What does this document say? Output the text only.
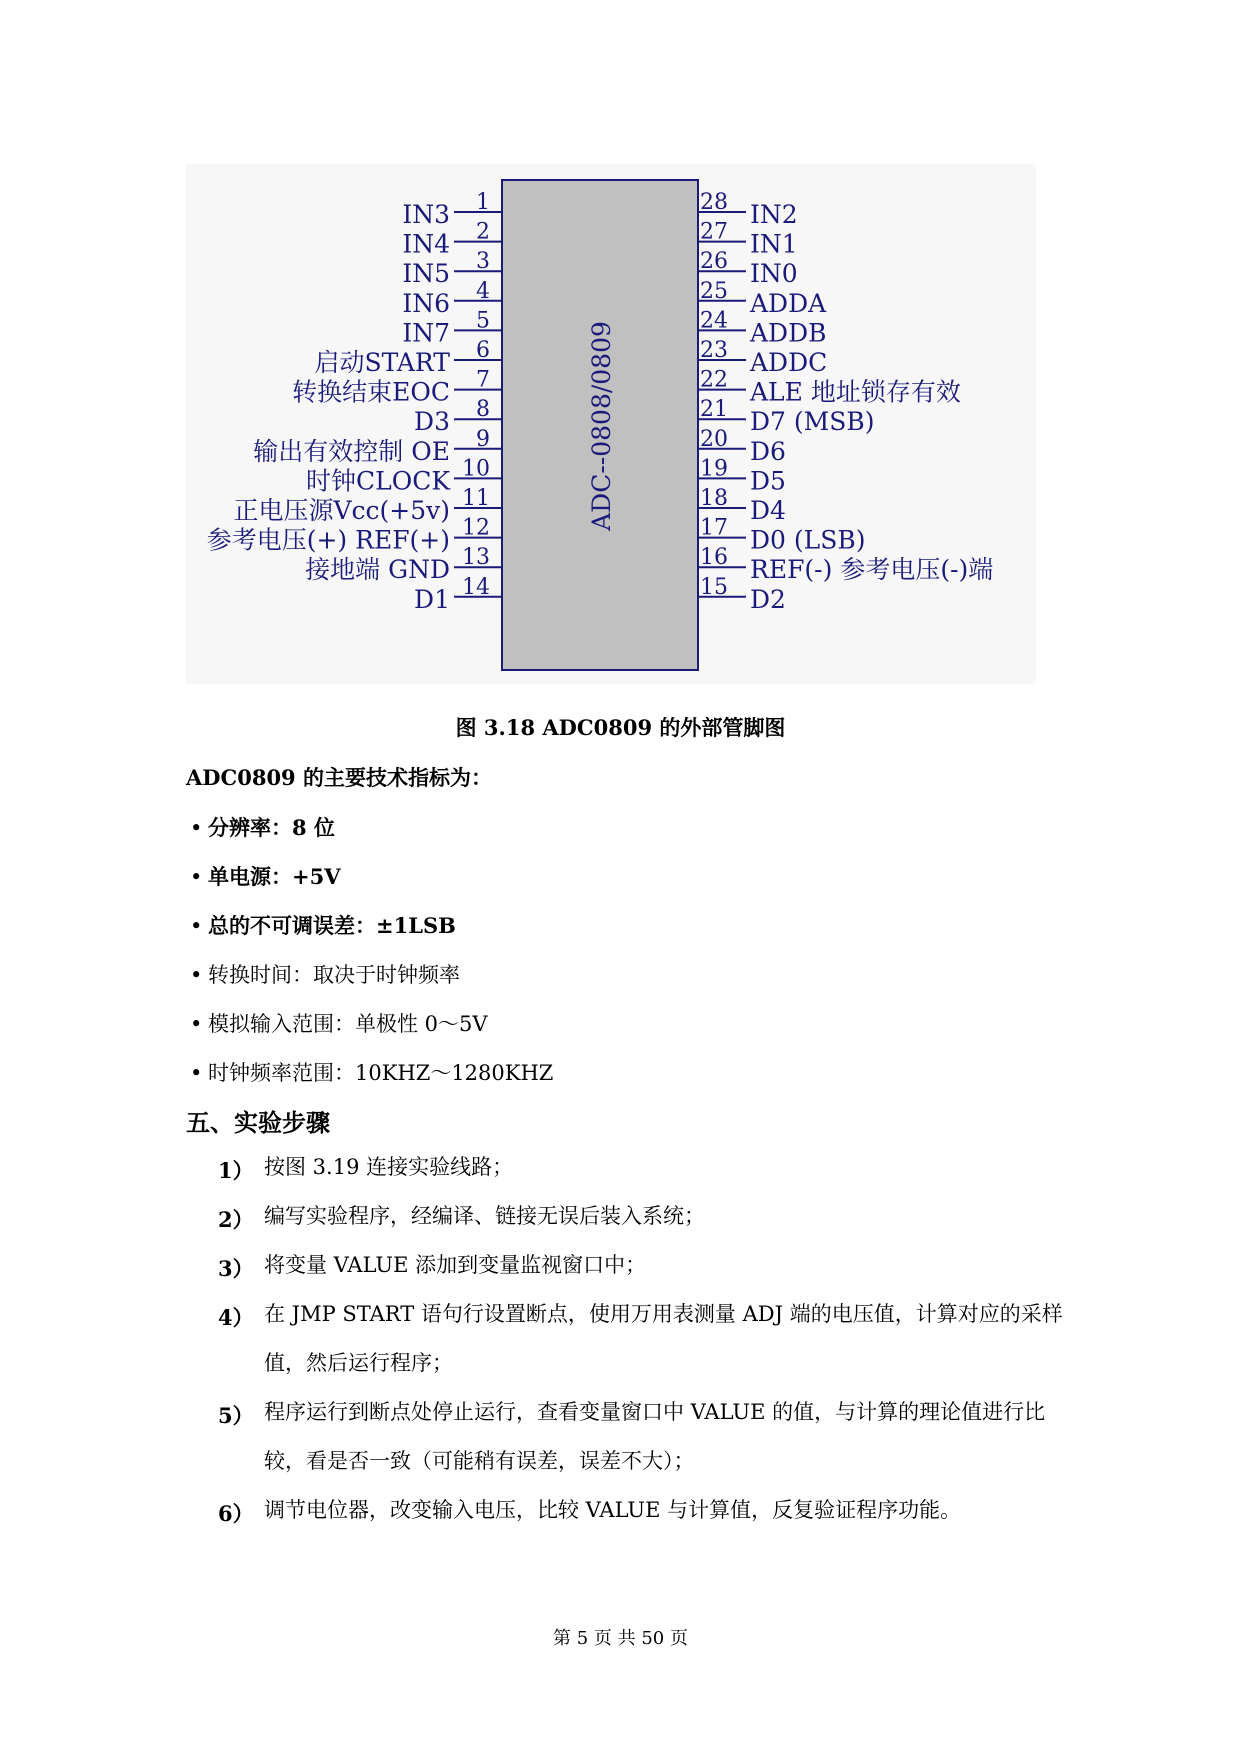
ADC--0808/0809
1
IN3
2
IN4
3
IN5
4
IN6
5
IN7
6
启动START
7
转换结束EOC
8
D3
9
输出有效控制 OE
10
时钟CLOCK
11
正电压源Vcc(+5v)
12
参考电压(+) REF(+)
13
接地端 GND
14
D1
28 IN2
27 IN1
26 IN0
25 ADDA
24 ADDB
23 ADDC
22 ALE 地址锁存有效
21 D7 (MSB)
20 D6
19 D5
18 D4
17 D0 (LSB)
16 REF(-) 参考电压(-)端
15 D2
图 3.18 ADC0809 的外部管脚图
ADC0809 的主要技术指标为：
• 分辨率：8 位
• 单电源：+5V
• 总的不可调误差：±1LSB
• 转换时间：取决于时钟频率
• 模拟输入范围：单极性 0～5V
• 时钟频率范围：10KHZ～1280KHZ
五、实验步骤
1） 按图 3.19 连接实验线路；
2） 编写实验程序，经编译、链接无误后装入系统；
3） 将变量 VALUE 添加到变量监视窗口中；
4） 在 JMP START 语句行设置断点，使用万用表测量 ADJ 端的电压值，计算对应的采样值，然后运行程序；
5） 程序运行到断点处停止运行，查看变量窗口中 VALUE 的值，与计算的理论值进行比较，看是否一致（可能稍有误差，误差不大）；
6） 调节电位器，改变输入电压，比较 VALUE 与计算值，反复验证程序功能。
第 5 页 共 50 页
